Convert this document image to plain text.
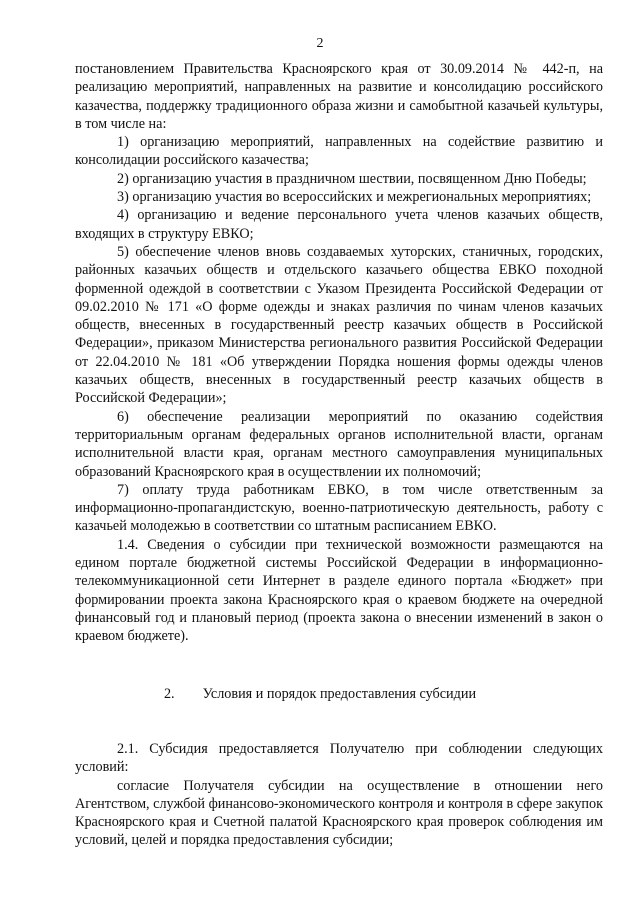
2

постановлением Правительства Красноярского края от 30.09.2014 № 442-п, на реализацию мероприятий, направленных на развитие и консолидацию российского казачества, поддержку традиционного образа жизни и самобытной казачьей культуры, в том числе на:

1) организацию мероприятий, направленных на содействие развитию и консолидации российского казачества;

2) организацию участия в праздничном шествии, посвященном Дню Победы;

3) организацию участия во всероссийских и межрегиональных мероприятиях;

4) организацию и ведение персонального учета членов казачьих обществ, входящих в структуру ЕВКО;

5) обеспечение членов вновь создаваемых хуторских, станичных, городских, районных казачьих обществ и отдельского казачьего общества ЕВКО походной форменной одеждой в соответствии с Указом Президента Российской Федерации от 09.02.2010 № 171 «О форме одежды и знаках различия по чинам членов казачьих обществ, внесенных в государственный реестр казачьих обществ в Российской Федерации», приказом Министерства регионального развития Российской Федерации от 22.04.2010 № 181 «Об утверждении Порядка ношения формы одежды членов казачьих обществ, внесенных в государственный реестр казачьих обществ в Российской Федерации»;

6) обеспечение реализации мероприятий по оказанию содействия территориальным органам федеральных органов исполнительной власти, органам исполнительной власти края, органам местного самоуправления муниципальных образований Красноярского края в осуществлении их полномочий;

7) оплату труда работникам ЕВКО, в том числе ответственным за информационно-пропагандистскую, военно-патриотическую деятельность, работу с казачьей молодежью в соответствии со штатным расписанием ЕВКО.

1.4. Сведения о субсидии при технической возможности размещаются на едином портале бюджетной системы Российской Федерации в информационно-телекоммуникационной сети Интернет в разделе единого портала «Бюджет» при формировании проекта закона Красноярского края о краевом бюджете на очередной финансовый год и плановый период (проекта закона о внесении изменений в закон о краевом бюджете).

2. Условия и порядок предоставления субсидии

2.1. Субсидия предоставляется Получателю при соблюдении следующих условий:

согласие Получателя субсидии на осуществление в отношении него Агентством, службой финансово-экономического контроля и контроля в сфере закупок Красноярского края и Счетной палатой Красноярского края проверок соблюдения им условий, целей и порядка предоставления субсидии;
